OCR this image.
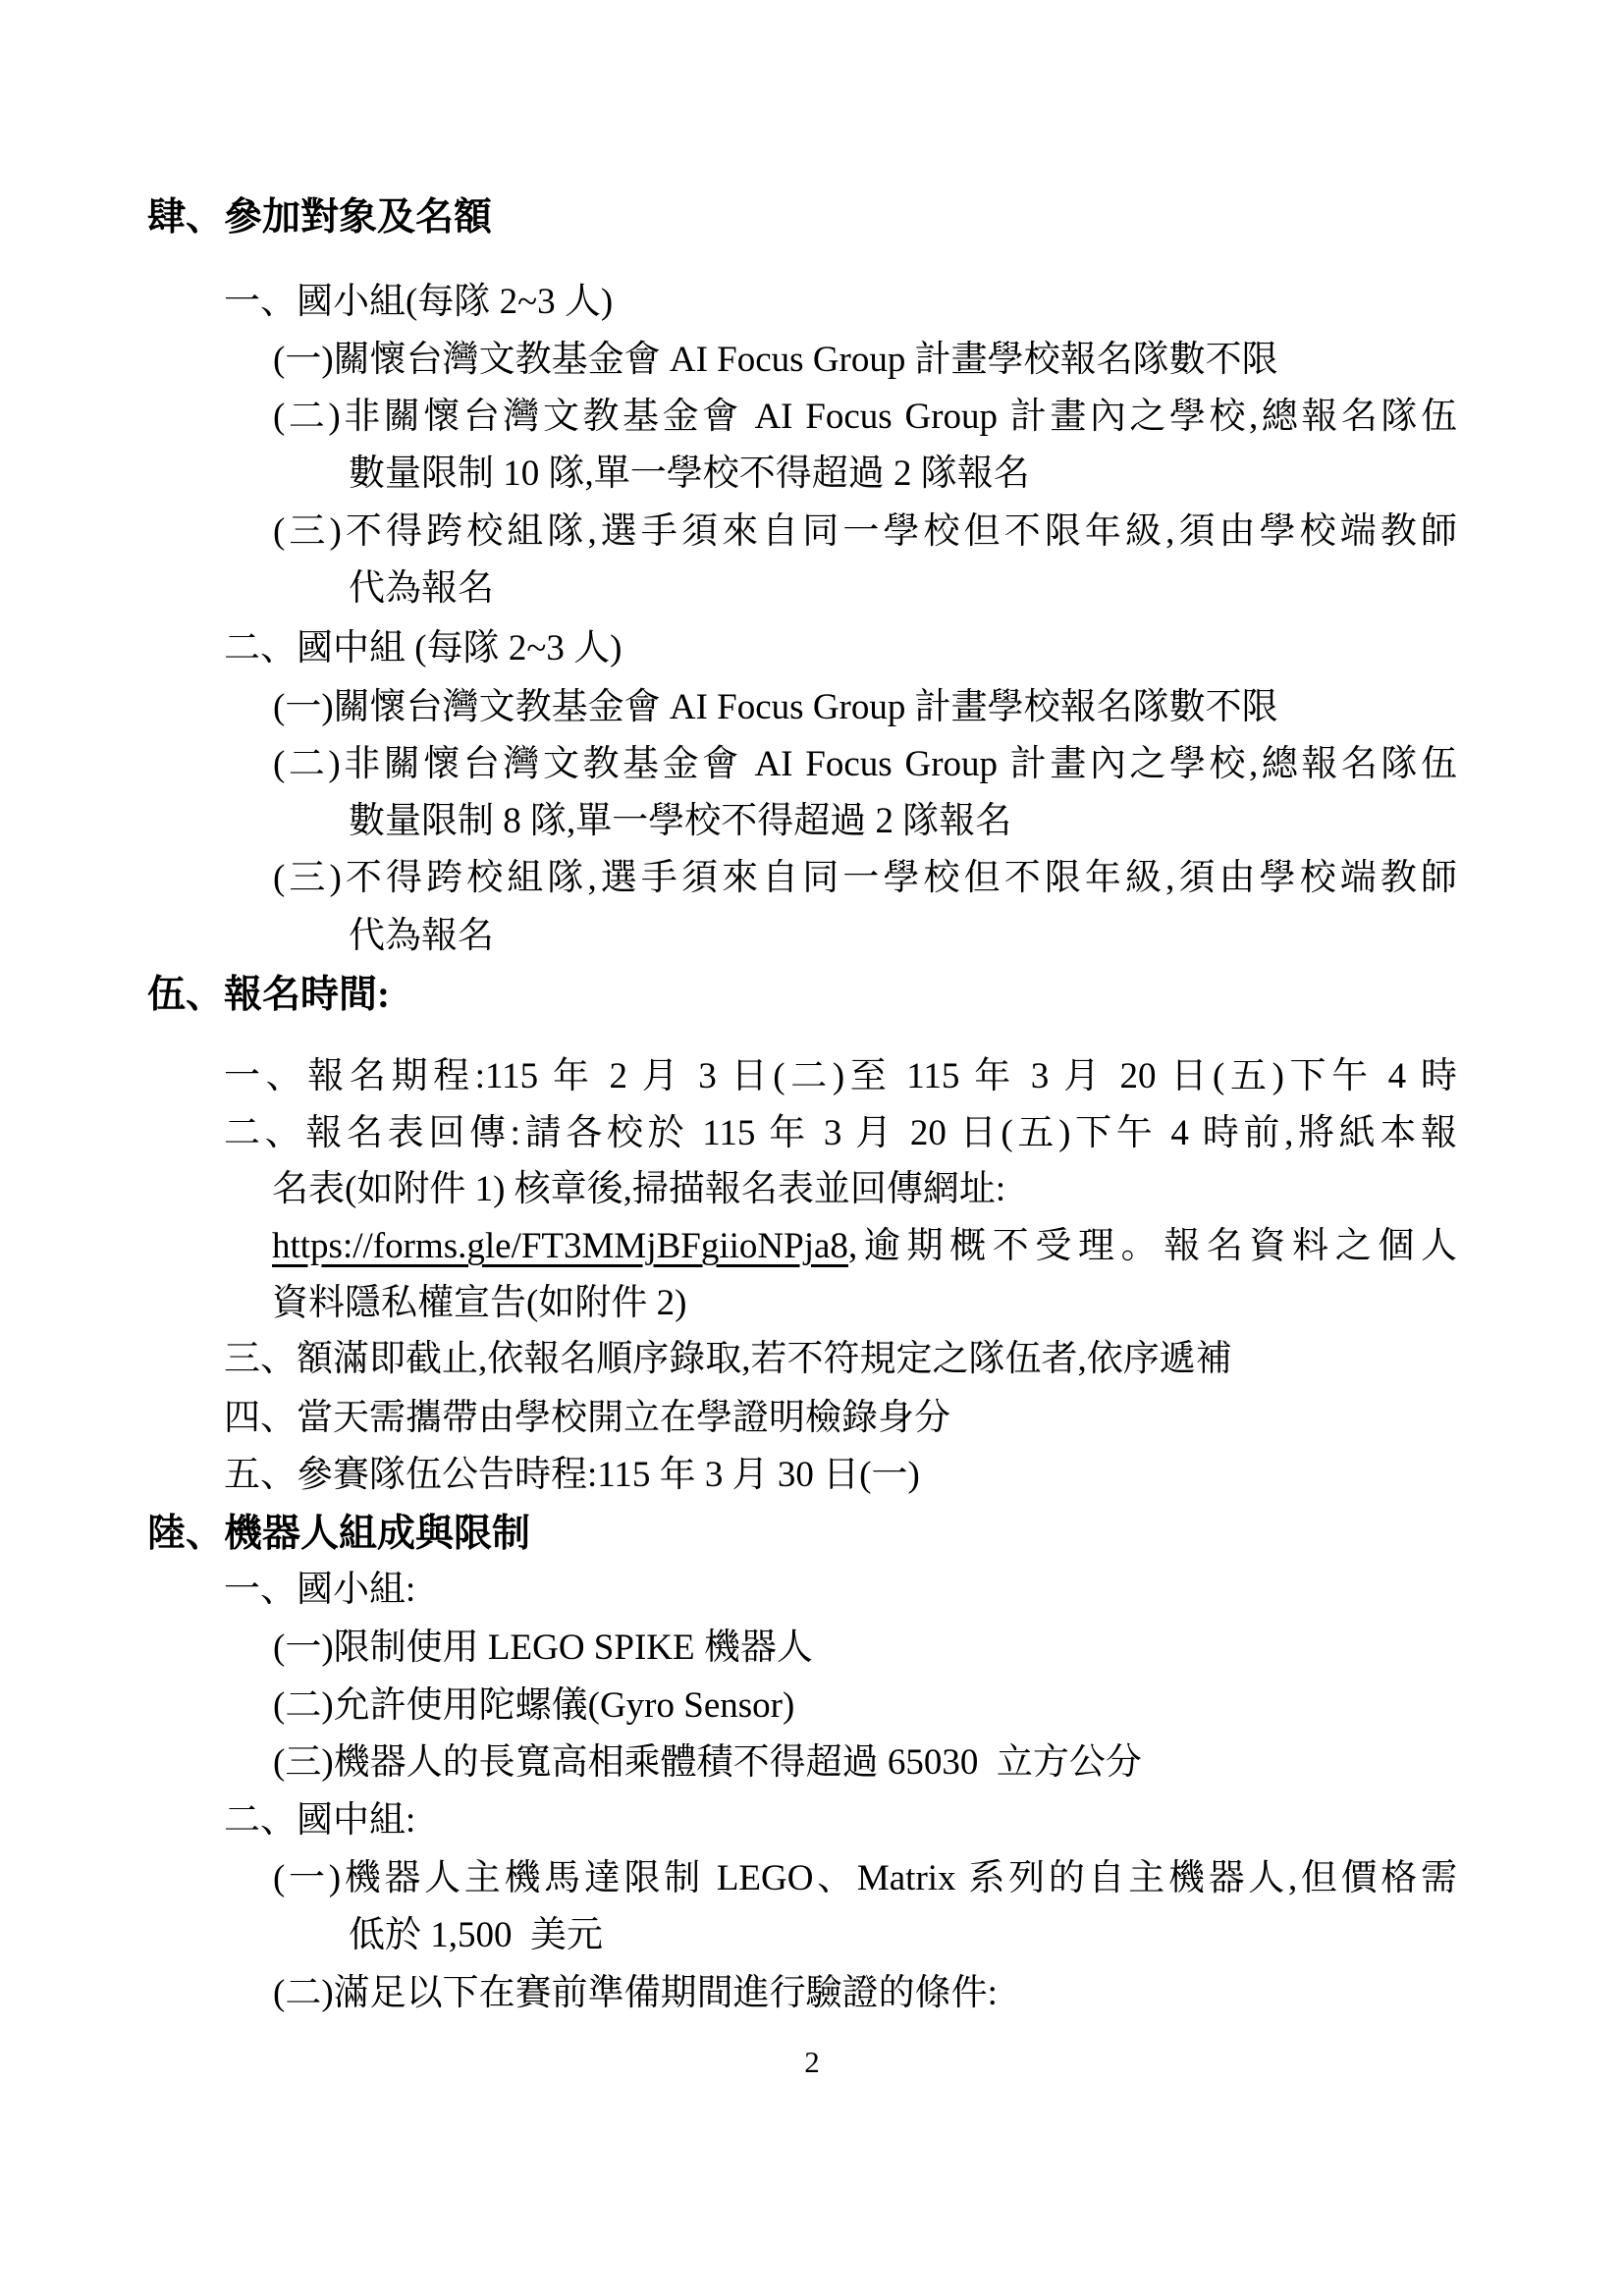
肆、參加對象及名額
一、國小組(每隊 2~3 人)
(一)關懷台灣文教基金會 AI Focus Group 計畫學校報名隊數不限
(二)非關懷台灣文教基金會 AI Focus Group 計畫內之學校,總報名隊伍
數量限制 10 隊,單一學校不得超過 2 隊報名
(三)不得跨校組隊,選手須來自同一學校但不限年級,須由學校端教師
代為報名
二、國中組 (每隊 2~3 人)
(一)關懷台灣文教基金會 AI Focus Group 計畫學校報名隊數不限
(二)非關懷台灣文教基金會 AI Focus Group 計畫內之學校,總報名隊伍
數量限制 8 隊,單一學校不得超過 2 隊報名
(三)不得跨校組隊,選手須來自同一學校但不限年級,須由學校端教師
代為報名
伍、報名時間:
一、報名期程:115 年 2 月 3 日(二)至 115 年 3 月 20 日(五)下午 4 時
二、報名表回傳:請各校於 115 年 3 月 20 日(五)下午 4 時前,將紙本報
名表(如附件 1) 核章後,掃描報名表並回傳網址:
https://forms.gle/FT3MMjBFgiioNPja8,逾期概不受理。報名資料之個人
資料隱私權宣告(如附件 2)
三、額滿即截止,依報名順序錄取,若不符規定之隊伍者,依序遞補
四、當天需攜帶由學校開立在學證明檢錄身分
五、參賽隊伍公告時程:115 年 3 月 30 日(一)
陸、機器人組成與限制
一、國小組:
(一)限制使用 LEGO SPIKE 機器人
(二)允許使用陀螺儀(Gyro Sensor)
(三)機器人的長寬高相乘體積不得超過 65030  立方公分
二、國中組:
(一)機器人主機馬達限制 LEGO、Matrix 系列的自主機器人,但價格需
低於 1,500  美元
(二)滿足以下在賽前準備期間進行驗證的條件:
2
